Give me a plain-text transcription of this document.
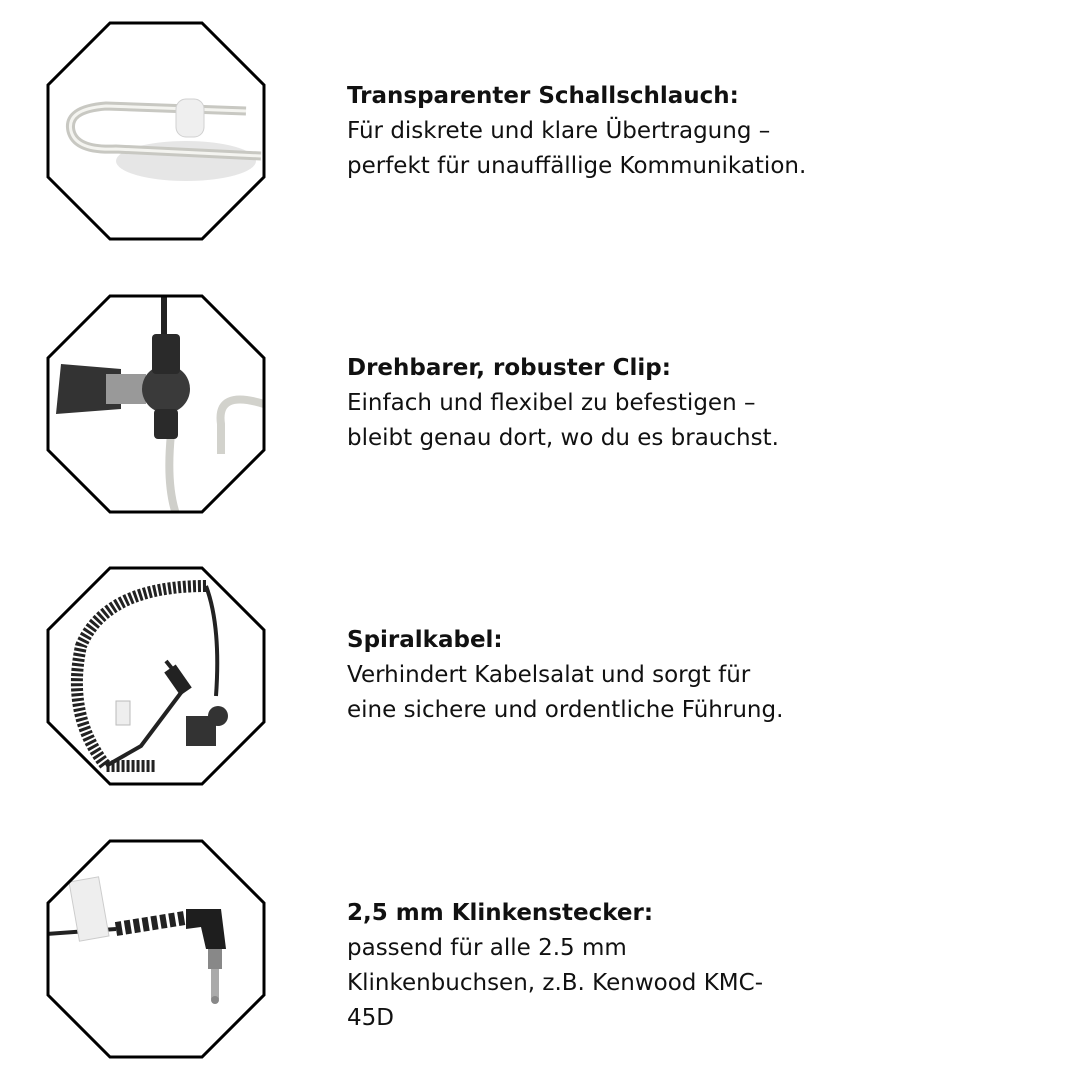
Transparenter Schallschlauch:
Für diskrete und klare Übertragung –
perfekt für unauffällige Kommunikation.
Drehbarer, robuster Clip:
Einfach und flexibel zu befestigen –
bleibt genau dort, wo du es brauchst.
Spiralkabel:
Verhindert Kabelsalat und sorgt für
eine sichere und ordentliche Führung.
2,5 mm Klinkenstecker:
passend für alle 2.5 mm
Klinkenbuchsen, z.B. Kenwood KMC-
45D
